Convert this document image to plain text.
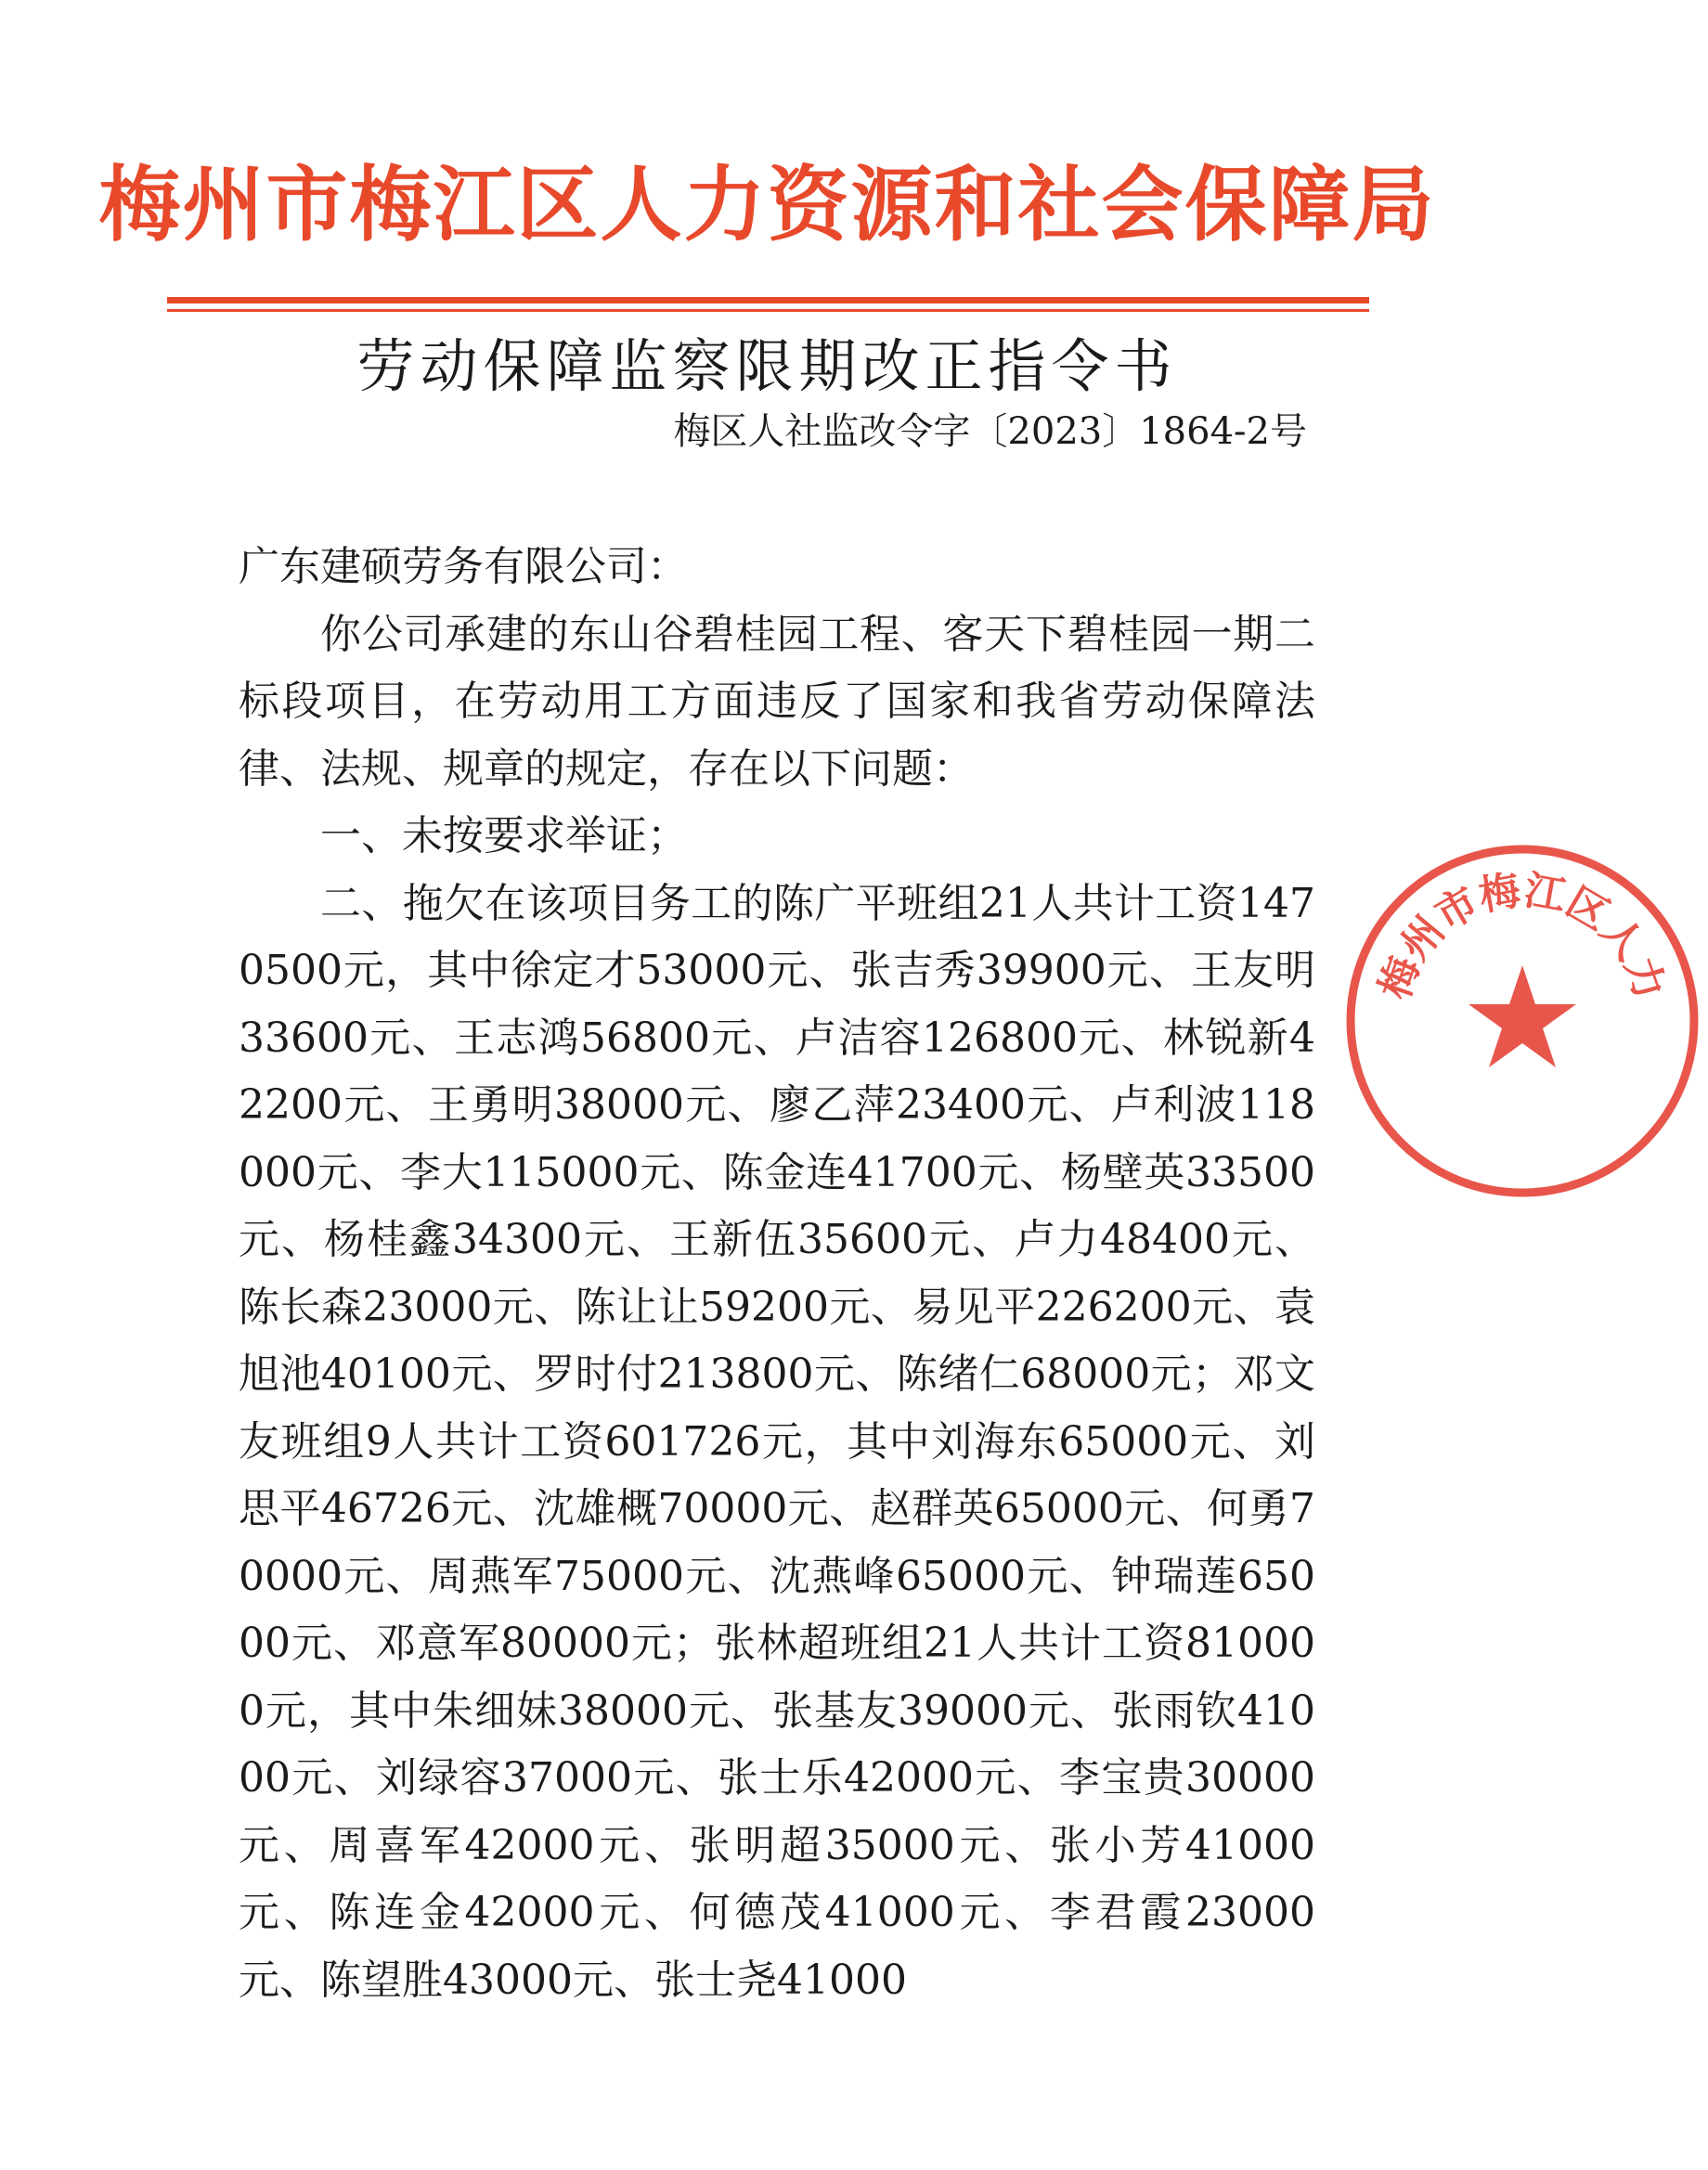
梅州市梅江区人力资源和社会保障局
劳动保障监察限期改正指令书
梅区人社监改令字〔2023〕1864-2号

广东建硕劳务有限公司：

你公司承建的东山谷碧桂园工程、客天下碧桂园一期二标段项目，在劳动用工方面违反了国家和我省劳动保障法律、法规、规章的规定，存在以下问题：

一、未按要求举证；

二、拖欠在该项目务工的陈广平班组21人共计工资1470500元，其中徐定才53000元、张吉秀39900元、王友明33600元、王志鸿56800元、卢洁容126800元、林锐新42200元、王勇明38000元、廖乙萍23400元、卢利波118000元、李大115000元、陈金连41700元、杨壁英33500元、杨桂鑫34300元、王新伍35600元、卢力48400元、陈长森23000元、陈让让59200元、易见平226200元、袁旭池40100元、罗时付213800元、陈绪仁68000元；邓文友班组9人共计工资601726元，其中刘海东65000元、刘思平46726元、沈雄概70000元、赵群英65000元、何勇70000元、周燕军75000元、沈燕峰65000元、钟瑞莲65000元、邓意军80000元；张林超班组21人共计工资810000元，其中朱细妹38000元、张基友39000元、张雨钦41000元、刘绿容37000元、张士乐42000元、李宝贵30000元、周喜军42000元、张明超35000元、张小芳41000元、陈连金42000元、何德茂41000元、李君霞23000元、陈望胜43000元、张士尧41000

梅州市梅江区人力
